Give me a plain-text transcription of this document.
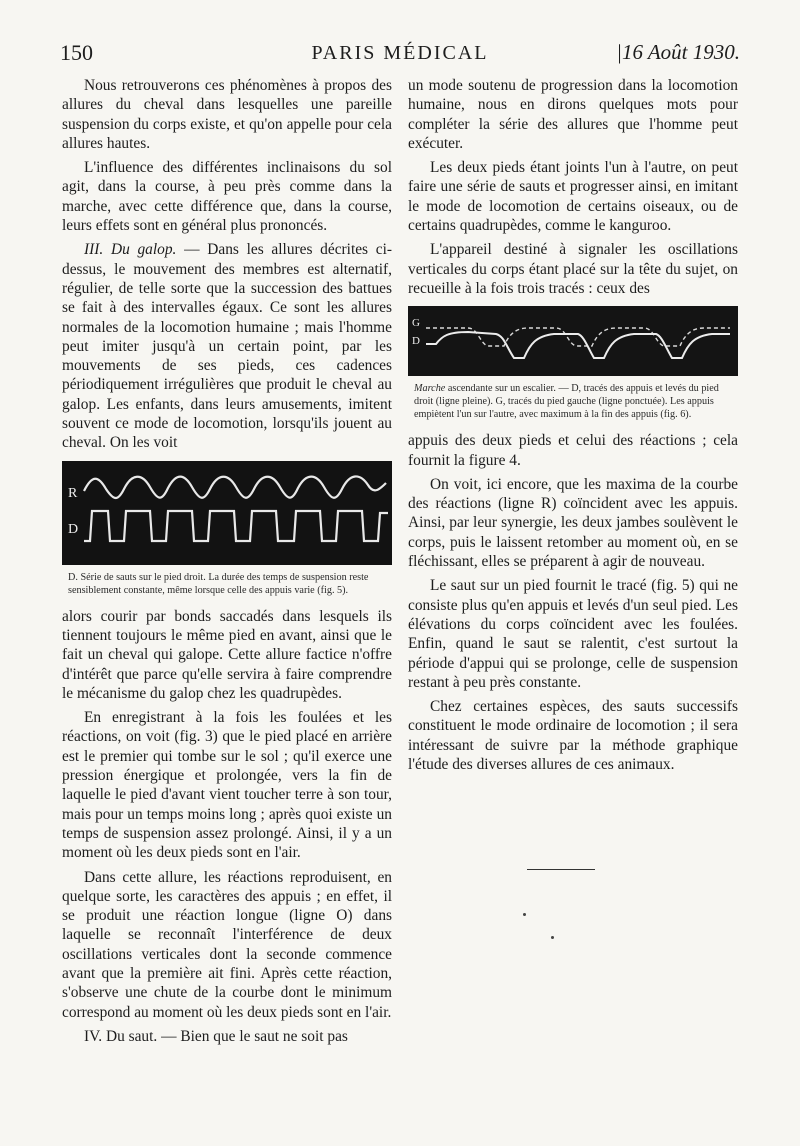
150	PARIS MÉDICAL	|16 Août 1930.

Nous retrouverons ces phénomènes à propos des allures du cheval dans lesquelles une pareille suspension du corps existe, et qu'on appelle pour cela allures hautes.

L'influence des différentes inclinaisons du sol agit, dans la course, à peu près comme dans la marche, avec cette différence que, dans la course, leurs effets sont en général plus prononcés.

III. Du galop. — Dans les allures décrites ci-dessus, le mouvement des membres est alternatif, régulier, de telle sorte que la succession des battues se fait à des intervalles égaux. Ce sont les allures normales de la locomotion humaine ; mais l'homme peut imiter jusqu'à un certain point, par les mouvements de ses pieds, ces cadences périodiquement irrégulières que produit le cheval au galop. Les enfants, dans leurs amusements, imitent souvent ce mode de locomotion, lorsqu'ils jouent au cheval. On les voit

R
D
D. Série de sauts sur le pied droit. La durée des temps de suspension reste sensiblement constante, même lorsque celle des appuis varie (fig. 5).

alors courir par bonds saccadés dans lesquels ils tiennent toujours le même pied en avant, ainsi que le fait un cheval qui galope. Cette allure factice n'offre d'intérêt que parce qu'elle servira à faire comprendre le mécanisme du galop chez les quadrupèdes.

En enregistrant à la fois les foulées et les réactions, on voit (fig. 3) que le pied placé en arrière est le premier qui tombe sur le sol ; qu'il exerce une pression énergique et prolongée, vers la fin de laquelle le pied d'avant vient toucher terre à son tour, mais pour un temps moins long ; après quoi existe un temps de suspension assez prolongé. Ainsi, il y a un moment où les deux pieds sont en l'air.

Dans cette allure, les réactions reproduisent, en quelque sorte, les caractères des appuis ; en effet, il se produit une réaction longue (ligne O) dans laquelle se reconnaît l'interférence de deux oscillations verticales dont la seconde commence avant que la première ait fini. Après cette réaction, s'observe une chute de la courbe dont le minimum correspond au moment où les deux pieds sont en l'air.

IV. Du saut. — Bien que le saut ne soit pas

un mode soutenu de progression dans la locomotion humaine, nous en dirons quelques mots pour compléter la série des allures que l'homme peut exécuter.

Les deux pieds étant joints l'un à l'autre, on peut faire une série de sauts et progresser ainsi, en imitant le mode de locomotion de certains oiseaux, ou de certains quadrupèdes, comme le kanguroo.

L'appareil destiné à signaler les oscillations verticales du corps étant placé sur la tête du sujet, on recueille à la fois trois tracés : ceux des

G
D
Marche ascendante sur un escalier. — D, tracés des appuis et levés du pied droit (ligne pleine). G, tracés du pied gauche (ligne ponctuée). Les appuis empiètent l'un sur l'autre, avec maximum à la fin des appuis (fig. 6).

appuis des deux pieds et celui des réactions ; cela fournit la figure 4.

On voit, ici encore, que les maxima de la courbe des réactions (ligne R) coïncident avec les appuis. Ainsi, par leur synergie, les deux jambes soulèvent le corps, puis le laissent retomber au moment où, en se fléchissant, elles se préparent à agir de nouveau.

Le saut sur un pied fournit le tracé (fig. 5) qui ne consiste plus qu'en appuis et levés d'un seul pied. Les élévations du corps coïncident avec les foulées. Enfin, quand le saut se ralentit, c'est surtout la période d'appui qui se prolonge, celle de suspension restant à peu près constante.

Chez certaines espèces, des sauts successifs constituent le mode ordinaire de locomotion ; il sera intéressant de suivre par la méthode graphique l'étude des diverses allures de ces animaux.
